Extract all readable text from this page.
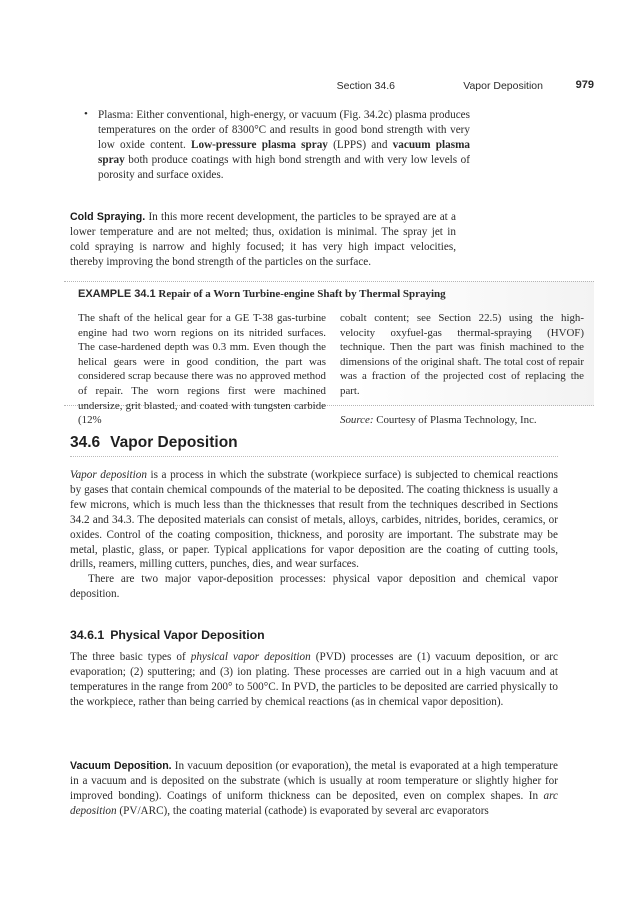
Section 34.6	Vapor Deposition	979
• Plasma: Either conventional, high-energy, or vacuum (Fig. 34.2c) plasma produces temperatures on the order of 8300°C and results in good bond strength with very low oxide content. Low-pressure plasma spray (LPPS) and vacuum plasma spray both produce coatings with high bond strength and with very low levels of porosity and surface oxides.

Cold Spraying. In this more recent development, the particles to be sprayed are at a lower temperature and are not melted; thus, oxidation is minimal. The spray jet in cold spraying is narrow and highly focused; it has very high impact velocities, thereby improving the bond strength of the particles on the surface.

EXAMPLE 34.1 Repair of a Worn Turbine-engine Shaft by Thermal Spraying

The shaft of the helical gear for a GE T-38 gas-turbine engine had two worn regions on its nitrided surfaces. The case-hardened depth was 0.3 mm. Even though the helical gears were in good condition, the part was considered scrap because there was no approved method of repair. The worn regions first were machined undersize, grit blasted, and coated with tungsten carbide (12%

cobalt content; see Section 22.5) using the high-velocity oxyfuel-gas thermal-spraying (HVOF) technique. Then the part was finish machined to the dimensions of the original shaft. The total cost of repair was a fraction of the projected cost of replacing the part.

Source: Courtesy of Plasma Technology, Inc.

34.6 Vapor Deposition

Vapor deposition is a process in which the substrate (workpiece surface) is subjected to chemical reactions by gases that contain chemical compounds of the material to be deposited. The coating thickness is usually a few microns, which is much less than the thicknesses that result from the techniques described in Sections 34.2 and 34.3. The deposited materials can consist of metals, alloys, carbides, nitrides, borides, ceramics, or oxides. Control of the coating composition, thickness, and porosity are important. The substrate may be metal, plastic, glass, or paper. Typical applications for vapor deposition are the coating of cutting tools, drills, reamers, milling cutters, punches, dies, and wear surfaces.

There are two major vapor-deposition processes: physical vapor deposition and chemical vapor deposition.

34.6.1 Physical Vapor Deposition

The three basic types of physical vapor deposition (PVD) processes are (1) vacuum deposition, or arc evaporation; (2) sputtering; and (3) ion plating. These processes are carried out in a high vacuum and at temperatures in the range from 200° to 500°C. In PVD, the particles to be deposited are carried physically to the workpiece, rather than being carried by chemical reactions (as in chemical vapor deposition).

Vacuum Deposition. In vacuum deposition (or evaporation), the metal is evaporated at a high temperature in a vacuum and is deposited on the substrate (which is usually at room temperature or slightly higher for improved bonding). Coatings of uniform thickness can be deposited, even on complex shapes. In arc deposition (PV/ARC), the coating material (cathode) is evaporated by several arc evaporators
